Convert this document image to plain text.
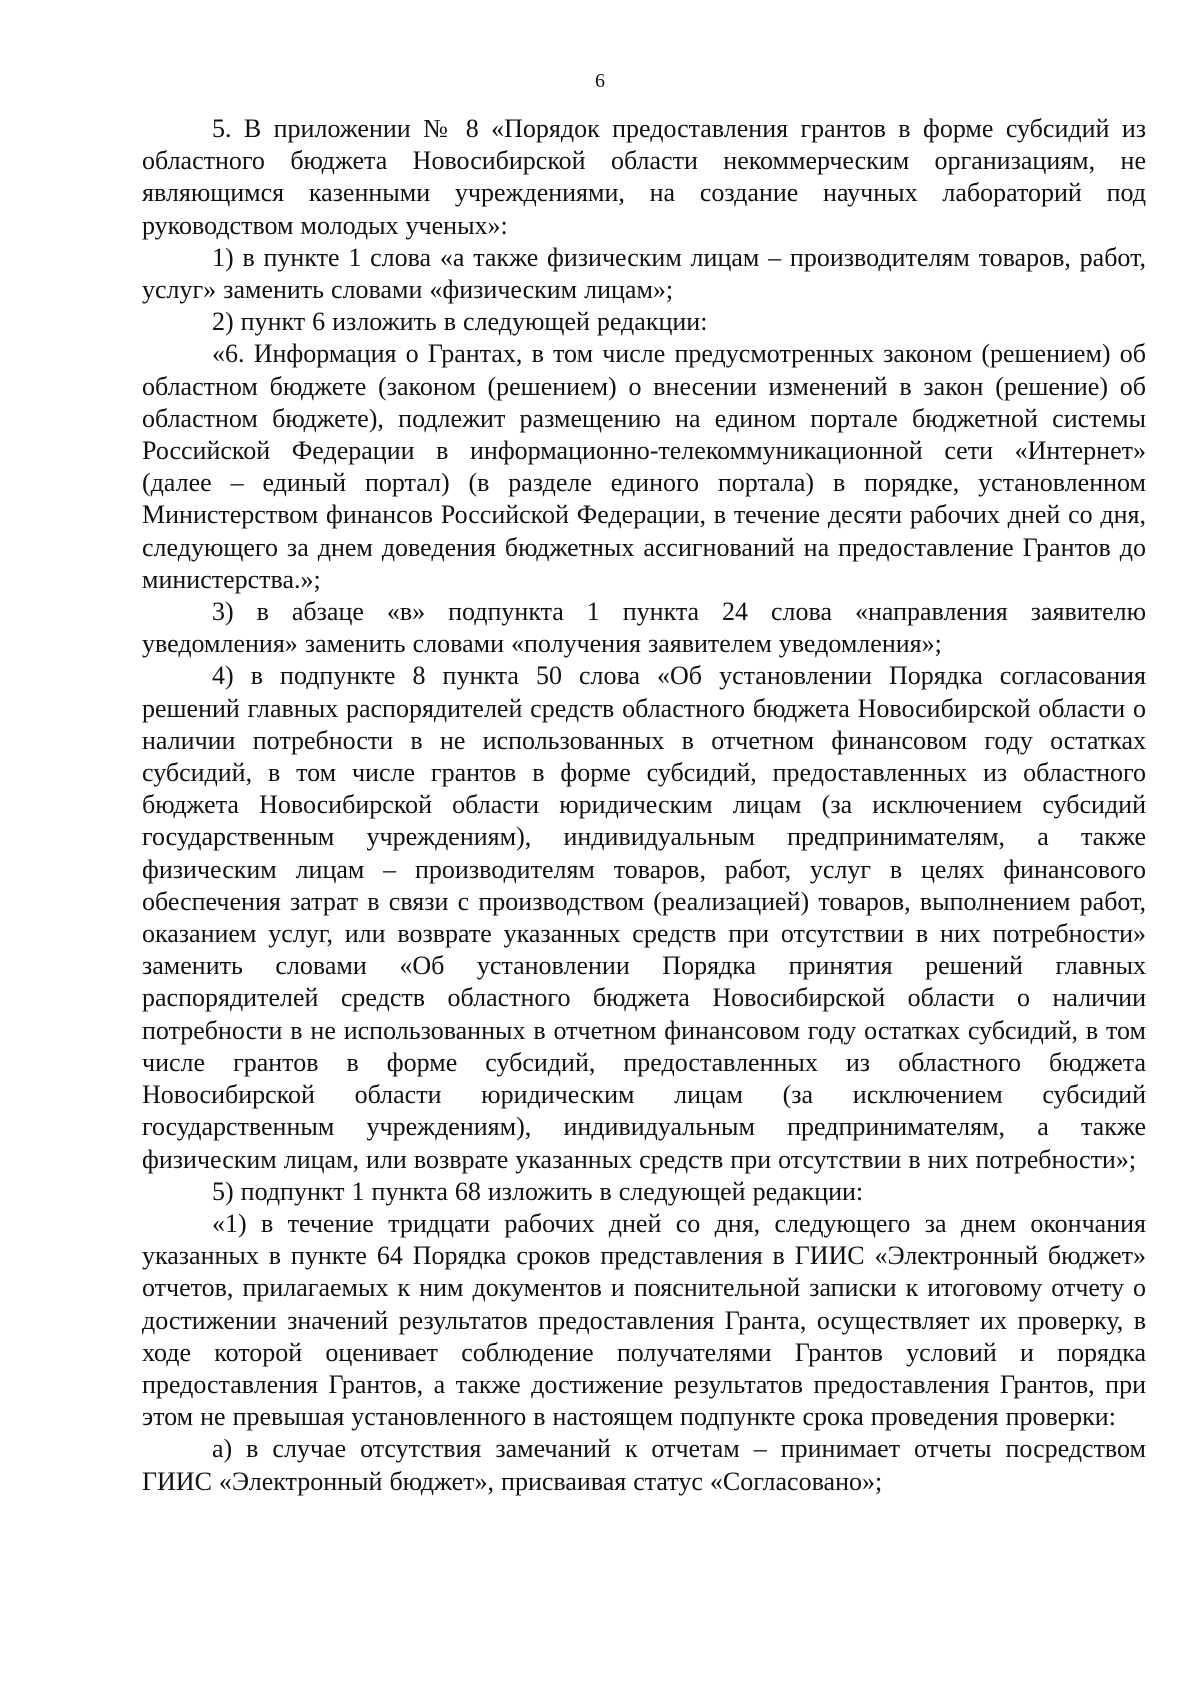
6

5. В приложении № 8 «Порядок предоставления грантов в форме субсидий из областного бюджета Новосибирской области некоммерческим организациям, не являющимся казенными учреждениями, на создание научных лабораторий под руководством молодых ученых»:

1) в пункте 1 слова «а также физическим лицам – производителям товаров, работ, услуг» заменить словами «физическим лицам»;

2) пункт 6 изложить в следующей редакции:

«6. Информация о Грантах, в том числе предусмотренных законом (решением) об областном бюджете (законом (решением) о внесении изменений в закон (решение) об областном бюджете), подлежит размещению на едином портале бюджетной системы Российской Федерации в информационно-телекоммуникационной сети «Интернет» (далее – единый портал) (в разделе единого портала) в порядке, установленном Министерством финансов Российской Федерации, в течение десяти рабочих дней со дня, следующего за днем доведения бюджетных ассигнований на предоставление Грантов до министерства.»;

3) в абзаце «в» подпункта 1 пункта 24 слова «направления заявителю уведомления» заменить словами «получения заявителем уведомления»;

4) в подпункте 8 пункта 50 слова «Об установлении Порядка согласования решений главных распорядителей средств областного бюджета Новосибирской области о наличии потребности в не использованных в отчетном финансовом году остатках субсидий, в том числе грантов в форме субсидий, предоставленных из областного бюджета Новосибирской области юридическим лицам (за исключением субсидий государственным учреждениям), индивидуальным предпринимателям, а также физическим лицам – производителям товаров, работ, услуг в целях финансового обеспечения затрат в связи с производством (реализацией) товаров, выполнением работ, оказанием услуг, или возврате указанных средств при отсутствии в них потребности» заменить словами «Об установлении Порядка принятия решений главных распорядителей средств областного бюджета Новосибирской области о наличии потребности в не использованных в отчетном финансовом году остатках субсидий, в том числе грантов в форме субсидий, предоставленных из областного бюджета Новосибирской области юридическим лицам (за исключением субсидий государственным учреждениям), индивидуальным предпринимателям, а также физическим лицам, или возврате указанных средств при отсутствии в них потребности»;

5) подпункт 1 пункта 68 изложить в следующей редакции:

«1) в течение тридцати рабочих дней со дня, следующего за днем окончания указанных в пункте 64 Порядка сроков представления в ГИИС «Электронный бюджет» отчетов, прилагаемых к ним документов и пояснительной записки к итоговому отчету о достижении значений результатов предоставления Гранта, осуществляет их проверку, в ходе которой оценивает соблюдение получателями Грантов условий и порядка предоставления Грантов, а также достижение результатов предоставления Грантов, при этом не превышая установленного в настоящем подпункте срока проведения проверки:

а) в случае отсутствия замечаний к отчетам – принимает отчеты посредством ГИИС «Электронный бюджет», присваивая статус «Согласовано»;
